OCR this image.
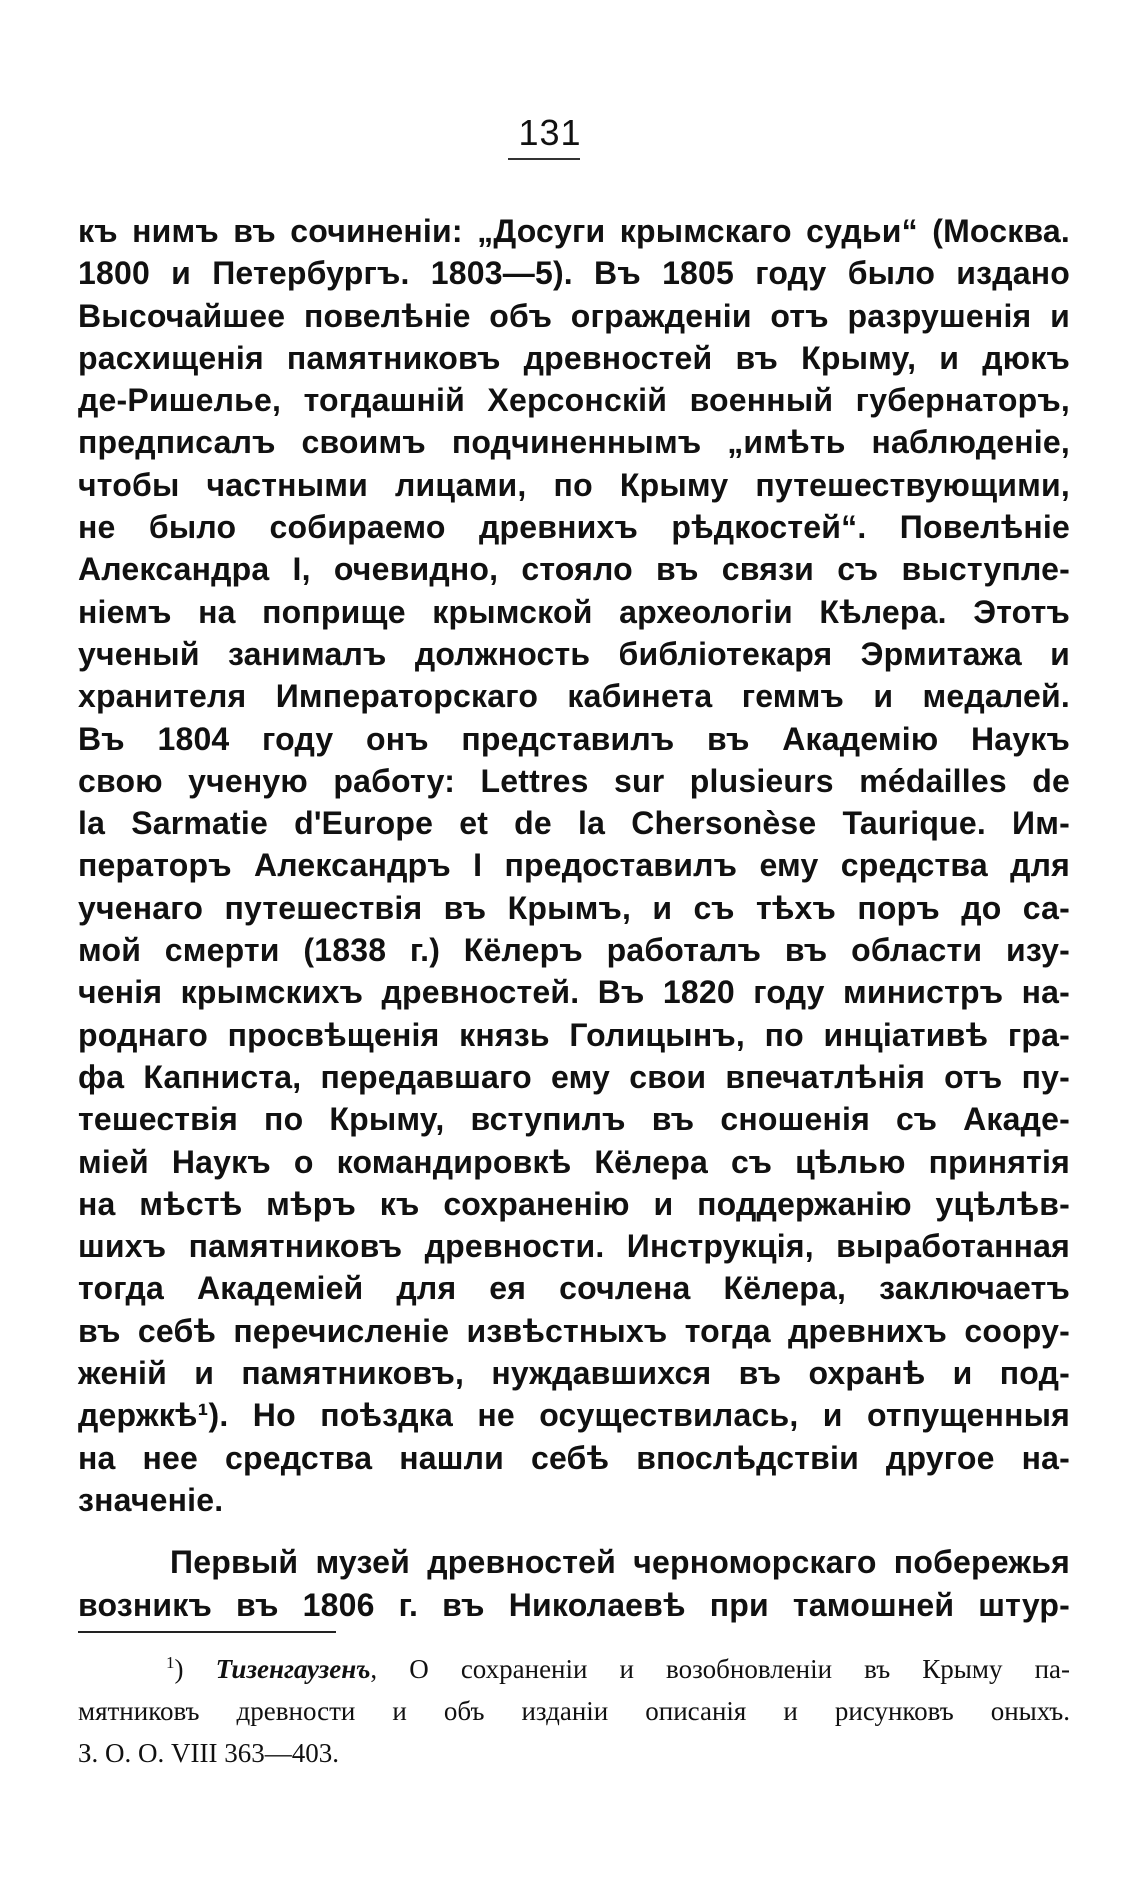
131
къ нимъ въ сочиненіи: „Досуги крымскаго судьи“ (Москва.
1800 и Петербургъ. 1803—5). Въ 1805 году было издано
Высочайшее повелѣніе объ ограждeніи отъ разрушенія и
расхищенія памятниковъ древностей въ Крыму, и дюкъ
де-Ришелье, тогдашній Херсонскій военный губернаторъ,
предписалъ своимъ подчиненнымъ „имѣть наблюденіе,
чтобы частными лицами, по Крыму путешествующими,
не было собираемо древнихъ рѣдкостей“. Повелѣніе
Александра I, очевидно, стояло въ связи съ выступле-
ніемъ на поприще крымской археологіи Кѣлера. Этотъ
ученый занималъ должность библіотекаря Эрмитажа и
хранителя Императорскаго кабинета геммъ и медалей.
Въ 1804 году онъ представилъ въ Академію Наукъ
свою ученую работу: Lettres sur plusieurs médailles de
la Sarmatie d'Europe et de la Chersonèse Taurique. Им-
ператоръ Александръ I предоставилъ ему средства для
ученаго путешествія въ Крымъ, и съ тѣхъ поръ до са-
мой смерти (1838 г.) Кёлеръ работалъ въ области изу-
ченія крымскихъ древностей. Въ 1820 году министръ на-
роднаго просвѣщенія князь Голицынъ, по инціативѣ гра-
фа Капниста, передавшаго ему свои впечатлѣнія отъ пу-
тешествія по Крыму, вступилъ въ сношенія съ Акаде-
міей Наукъ о командировкѣ Кёлера съ цѣлью принятія
на мѣстѣ мѣръ къ сохраненію и поддержанію уцѣлѣв-
шихъ памятниковъ древности. Инструкція, выработанная
тогда Академіей для ея сочлена Кёлера, заключаетъ
въ себѣ перечисленіе извѣстныхъ тогда древнихъ соору-
женій и памятниковъ, нуждавшихся въ охранѣ и под-
держкѣ¹). Но поѣздка не осуществилась, и отпущенныя
на нее средства нашли себѣ впослѣдствіи другое на-
значеніе.
Первый музей древностей черноморскаго побережья
возникъ въ 1806 г. въ Николаевѣ при тамошней штур-
$^1$) Тизенгаузенъ, О сохраненіи и возобновленіи въ Крыму па-
мятниковъ древности и объ изданіи описанія и рисунковъ оныхъ.
З. О. О. VIII 363—403.
